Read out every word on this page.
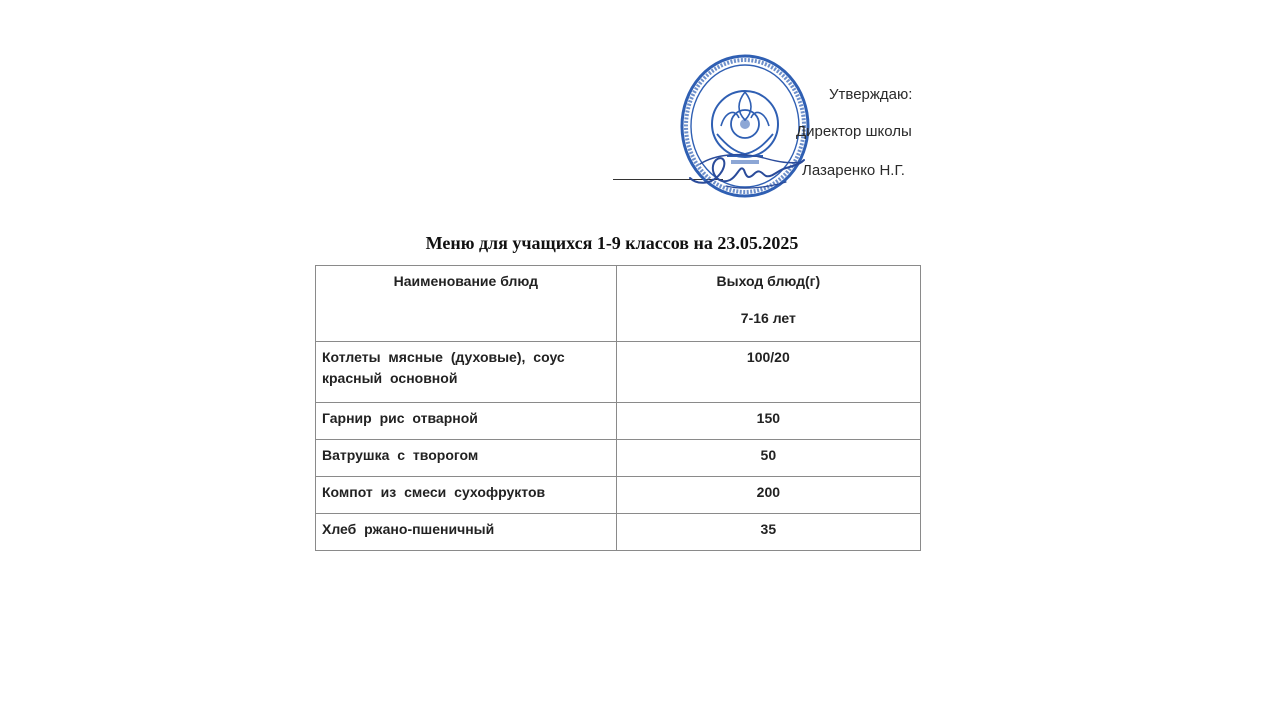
Утверждаю:
Директор школы
Лазаренко Н.Г.
Меню для учащихся 1-9 классов на 23.05.2025
Наименование блюд	Выход блюд(г)
7-16 лет

Котлеты мясные (духовые), соус
красный основной	100/20
Гарнир рис отварной	150
Ватрушка с творогом	50
Компот из смеси сухофруктов	200
Хлеб ржано-пшеничный	35
